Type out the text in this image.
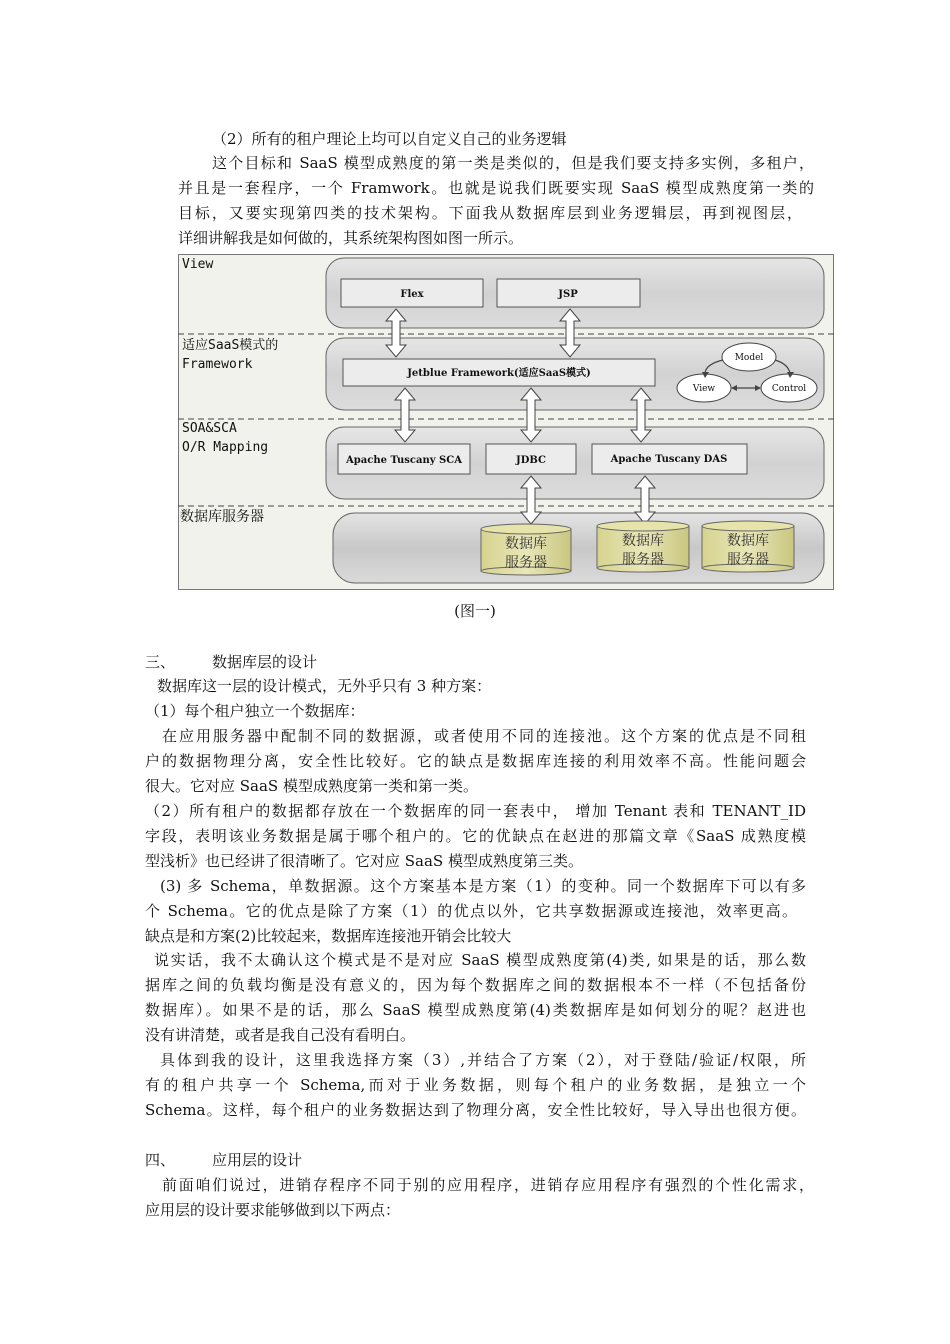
（2）所有的租户理论上均可以自定义自己的业务逻辑
这个目标和 SaaS 模型成熟度的第一类是类似的，但是我们要支持多实例，多租户，
并且是一套程序，一个 Framwork。也就是说我们既要实现 SaaS 模型成熟度第一类的
目标，又要实现第四类的技术架构。下面我从数据库层到业务逻辑层，再到视图层，
详细讲解我是如何做的，其系统架构图如图一所示。
View
适应SaaS模式的
Framework
SOA&SCA
O/R Mapping
数据库服务器
Flex	JSP
Jetblue Framework(适应SaaS模式)
Apache Tuscany SCA	JDBC	Apache Tuscany DAS
Model
View	Control
数据库
服务器
数据库
服务器
数据库
服务器
(图一)
三、 数据库层的设计
数据库这一层的设计模式，无外乎只有 3 种方案：
（1）每个租户独立一个数据库：
在应用服务器中配制不同的数据源，或者使用不同的连接池。这个方案的优点是不同租
户的数据物理分离，安全性比较好。它的缺点是数据库连接的利用效率不高。性能问题会
很大。它对应 SaaS 模型成熟度第一类和第一类。
（2）所有租户的数据都存放在一个数据库的同一套表中， 增加 Tenant 表和 TENANT_ID
字段，表明该业务数据是属于哪个租户的。它的优缺点在赵进的那篇文章《SaaS 成熟度模
型浅析》也已经讲了很清晰了。它对应 SaaS 模型成熟度第三类。
(3) 多 Schema，单数据源。这个方案基本是方案（1）的变种。同一个数据库下可以有多
个 Schema。它的优点是除了方案（1）的优点以外，它共享数据源或连接池，效率更高。
缺点是和方案(2)比较起来，数据库连接池开销会比较大
说实话，我不太确认这个模式是不是对应 SaaS 模型成熟度第(4)类, 如果是的话，那么数
据库之间的负载均衡是没有意义的，因为每个数据库之间的数据根本不一样（不包括备份
数据库）。如果不是的话，那么 SaaS 模型成熟度第(4)类数据库是如何划分的呢？赵进也
没有讲清楚，或者是我自己没有看明白。
具体到我的设计，这里我选择方案（3）,并结合了方案（2），对于登陆/验证/权限，所
有的租户共享一个 Schema,而对于业务数据，则每个租户的业务数据，是独立一个
Schema。这样，每个租户的业务数据达到了物理分离，安全性比较好，导入导出也很方便。
四、 应用层的设计
前面咱们说过，进销存程序不同于别的应用程序，进销存应用程序有强烈的个性化需求，
应用层的设计要求能够做到以下两点：
